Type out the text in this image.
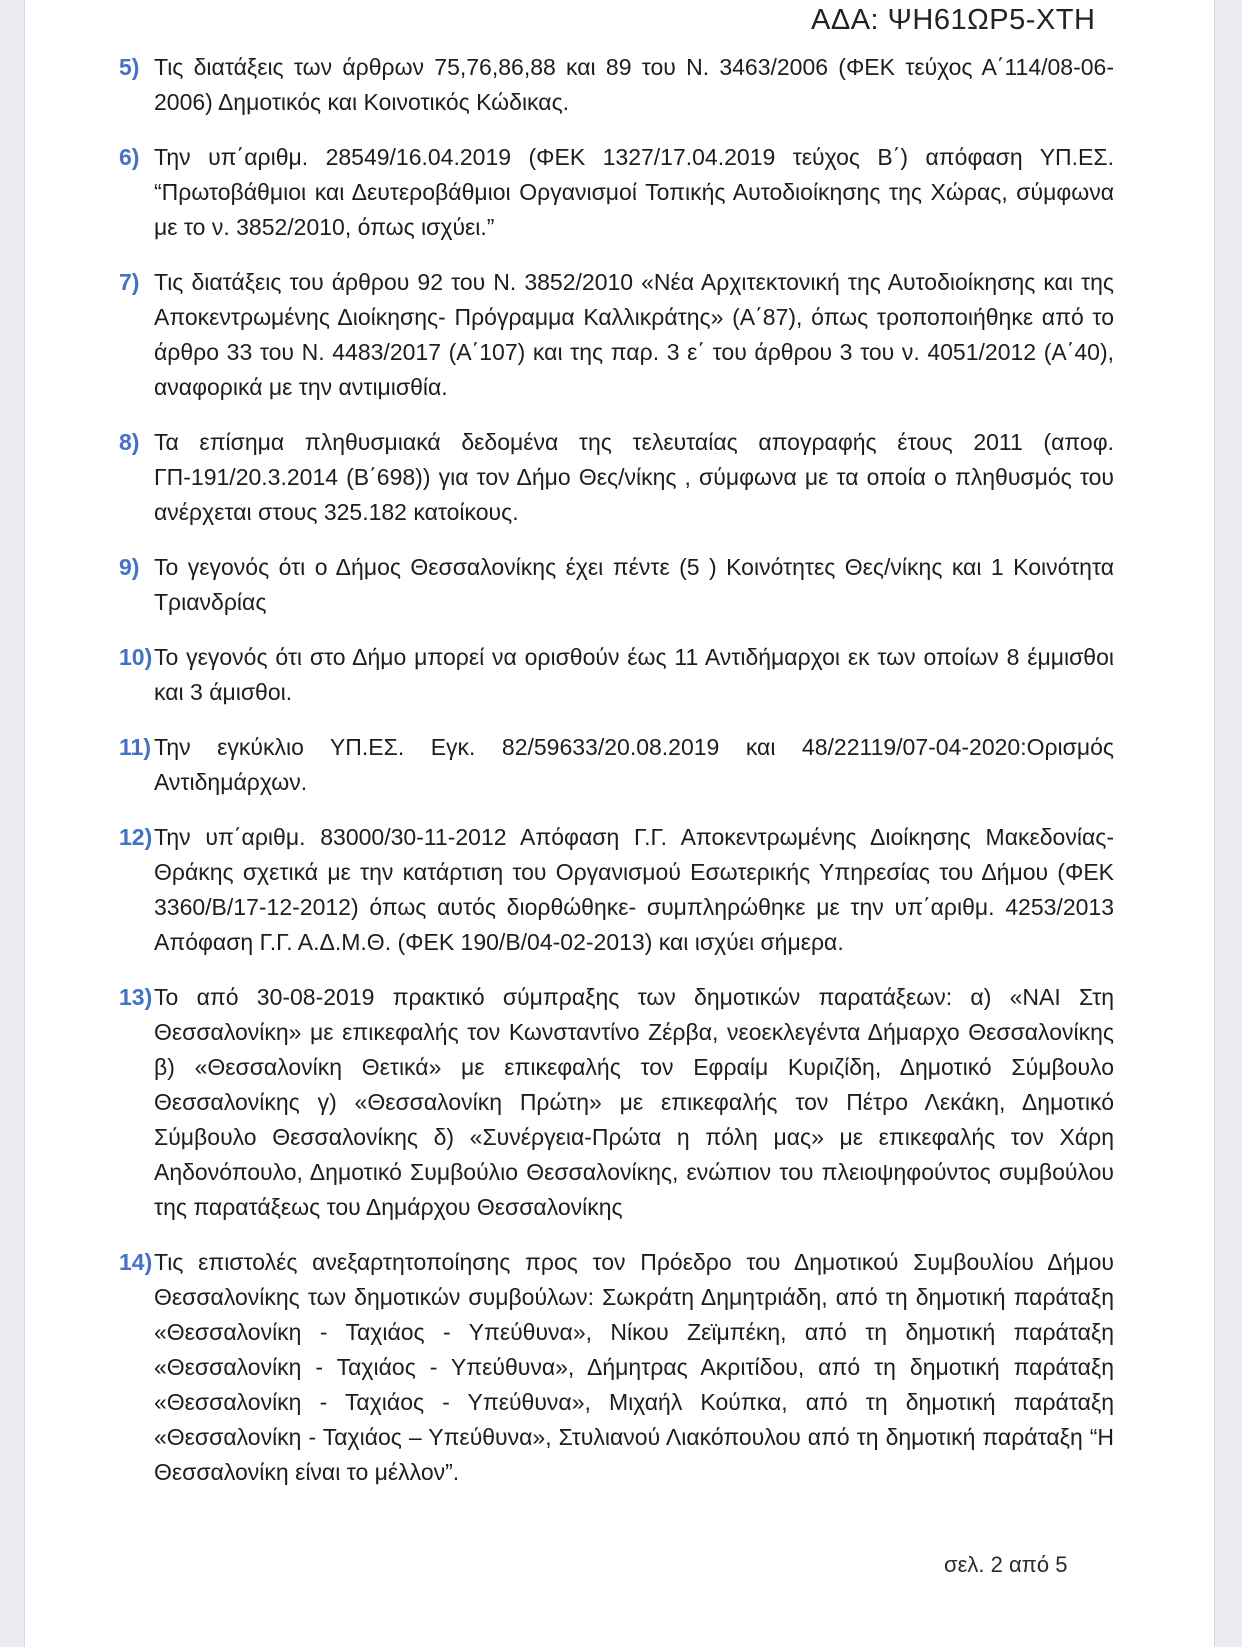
ΑΔΑ: ΨΗ61ΩΡ5-ΧΤΗ
5) Τις διατάξεις των άρθρων 75,76,86,88 και 89 του Ν. 3463/2006 (ΦΕΚ τεύχος Α΄114/08-06-2006) Δημοτικός και Κοινοτικός Κώδικας.
6) Την υπ΄αριθμ. 28549/16.04.2019 (ΦΕΚ 1327/17.04.2019 τεύχος Β΄) απόφαση ΥΠ.ΕΣ. “Πρωτοβάθμιοι και Δευτεροβάθμιοι Οργανισμοί Τοπικής Αυτοδιοίκησης της Χώρας, σύμφωνα με το ν. 3852/2010, όπως ισχύει.”
7) Τις διατάξεις του άρθρου 92 του Ν. 3852/2010 «Νέα Αρχιτεκτονική της Αυτοδιοίκησης και της Αποκεντρωμένης Διοίκησης- Πρόγραμμα Καλλικράτης» (Α΄87), όπως τροποποιήθηκε από το άρθρο 33 του Ν. 4483/2017 (Α΄107) και της παρ. 3 ε΄ του άρθρου 3 του ν. 4051/2012 (Α΄40), αναφορικά με την αντιμισθία.
8) Τα επίσημα πληθυσμιακά δεδομένα της τελευταίας απογραφής έτους 2011 (αποφ. ΓΠ-191/20.3.2014 (Β΄698)) για τον Δήμο Θες/νίκης , σύμφωνα με τα οποία ο πληθυσμός του ανέρχεται στους 325.182 κατοίκους.
9) Το γεγονός ότι ο Δήμος Θεσσαλονίκης έχει πέντε (5 ) Κοινότητες Θες/νίκης και 1 Κοινότητα Τριανδρίας
10) Το γεγονός ότι στο Δήμο μπορεί να ορισθούν έως 11 Αντιδήμαρχοι εκ των οποίων 8 έμμισθοι και 3 άμισθοι.
11) Την εγκύκλιο ΥΠ.ΕΣ. Εγκ. 82/59633/20.08.2019 και 48/22119/07-04-2020:Ορισμός Αντιδημάρχων.
12) Την υπ΄αριθμ. 83000/30-11-2012 Απόφαση Γ.Γ. Αποκεντρωμένης Διοίκησης Μακεδονίας-Θράκης σχετικά με την κατάρτιση του Οργανισμού Εσωτερικής Υπηρεσίας του Δήμου (ΦΕΚ 3360/Β/17-12-2012) όπως αυτός διορθώθηκε- συμπληρώθηκε με την υπ΄αριθμ. 4253/2013 Απόφαση Γ.Γ. Α.Δ.Μ.Θ. (ΦΕΚ 190/Β/04-02-2013) και ισχύει σήμερα.
13) Το από 30-08-2019 πρακτικό σύμπραξης των δημοτικών παρατάξεων: α) «ΝΑΙ Στη Θεσσαλονίκη» με επικεφαλής τον Κωνσταντίνο Ζέρβα, νεοεκλεγέντα Δήμαρχο Θεσσαλονίκης β) «Θεσσαλονίκη Θετικά» με επικεφαλής τον Εφραίμ Κυριζίδη, Δημοτικό Σύμβουλο Θεσσαλονίκης γ) «Θεσσαλονίκη Πρώτη» με επικεφαλής τον Πέτρο Λεκάκη, Δημοτικό Σύμβουλο Θεσσαλονίκης δ) «Συνέργεια-Πρώτα η πόλη μας» με επικεφαλής τον Χάρη Αηδονόπουλο, Δημοτικό Συμβούλιο Θεσσαλονίκης, ενώπιον του πλειοψηφούντος συμβούλου της παρατάξεως του Δημάρχου Θεσσαλονίκης
14) Τις επιστολές ανεξαρτητοποίησης προς τον Πρόεδρο του Δημοτικού Συμβουλίου Δήμου Θεσσαλονίκης των δημοτικών συμβούλων: Σωκράτη Δημητριάδη, από τη δημοτική παράταξη «Θεσσαλονίκη - Ταχιάος - Υπεύθυνα», Νίκου Ζεϊμπέκη, από τη δημοτική παράταξη «Θεσσαλονίκη - Ταχιάος - Υπεύθυνα», Δήμητρας Ακριτίδου, από τη δημοτική παράταξη «Θεσσαλονίκη - Ταχιάος - Υπεύθυνα», Μιχαήλ Κούπκα, από τη δημοτική παράταξη «Θεσσαλονίκη - Ταχιάος – Υπεύθυνα», Στυλιανού Λιακόπουλου από τη δημοτική παράταξη “Η Θεσσαλονίκη είναι το μέλλον”.
σελ. 2 από 5
